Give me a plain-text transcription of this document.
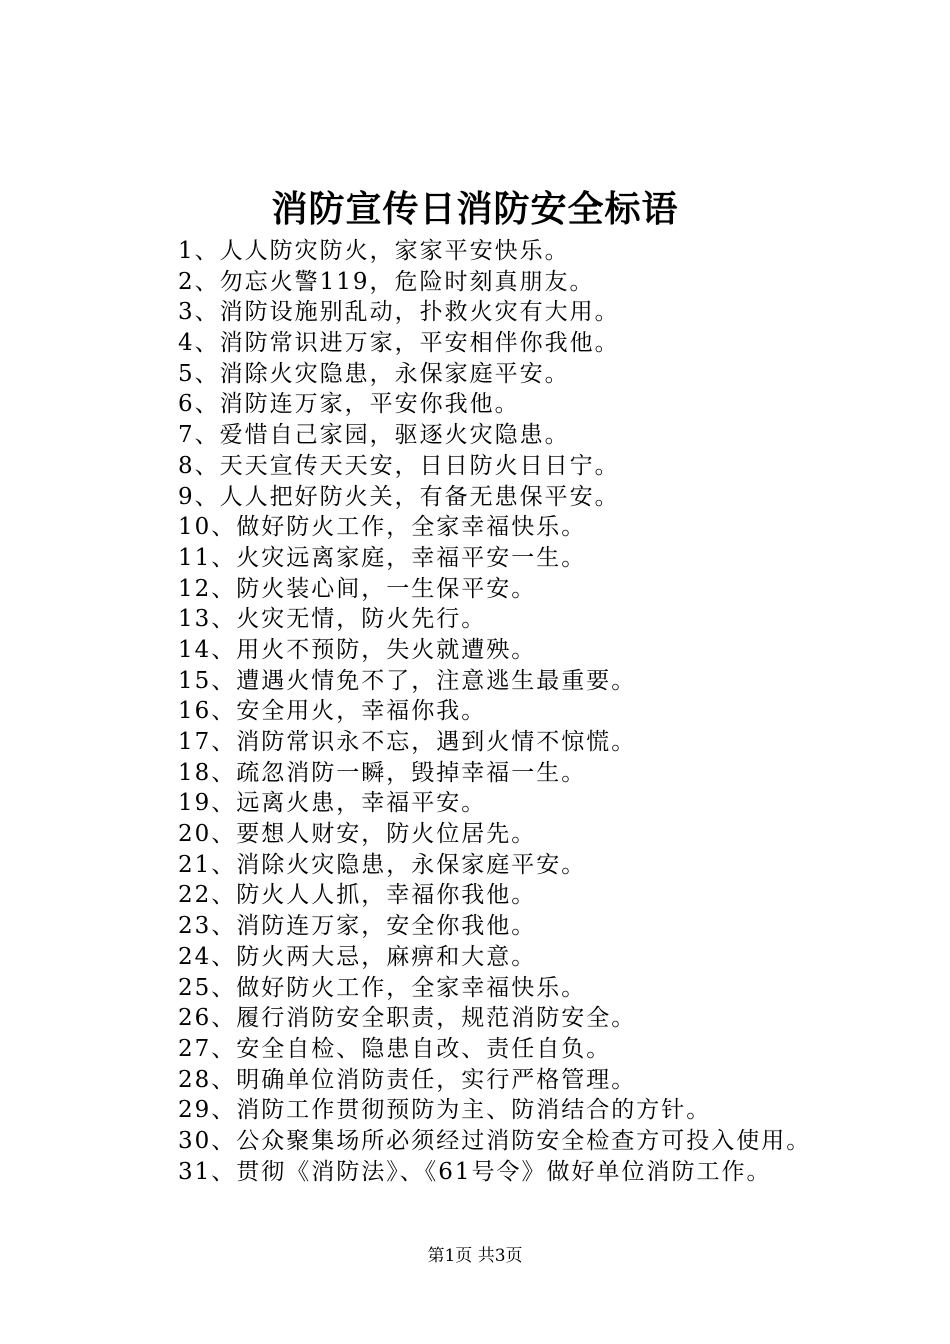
消防宣传日消防安全标语
1、人人防灾防火，家家平安快乐。
2、勿忘火警119，危险时刻真朋友。
3、消防设施别乱动，扑救火灾有大用。
4、消防常识进万家，平安相伴你我他。
5、消除火灾隐患，永保家庭平安。
6、消防连万家，平安你我他。
7、爱惜自己家园，驱逐火灾隐患。
8、天天宣传天天安，日日防火日日宁。
9、人人把好防火关，有备无患保平安。
10、做好防火工作，全家幸福快乐。
11、火灾远离家庭，幸福平安一生。
12、防火装心间，一生保平安。
13、火灾无情，防火先行。
14、用火不预防，失火就遭殃。
15、遭遇火情免不了，注意逃生最重要。
16、安全用火，幸福你我。
17、消防常识永不忘，遇到火情不惊慌。
18、疏忽消防一瞬，毁掉幸福一生。
19、远离火患，幸福平安。
20、要想人财安，防火位居先。
21、消除火灾隐患，永保家庭平安。
22、防火人人抓，幸福你我他。
23、消防连万家，安全你我他。
24、防火两大忌，麻痹和大意。
25、做好防火工作，全家幸福快乐。
26、履行消防安全职责，规范消防安全。
27、安全自检、隐患自改、责任自负。
28、明确单位消防责任，实行严格管理。
29、消防工作贯彻预防为主、防消结合的方针。
30、公众聚集场所必须经过消防安全检查方可投入使用。
31、贯彻《消防法》、《61号令》做好单位消防工作。
第1页 共3页
